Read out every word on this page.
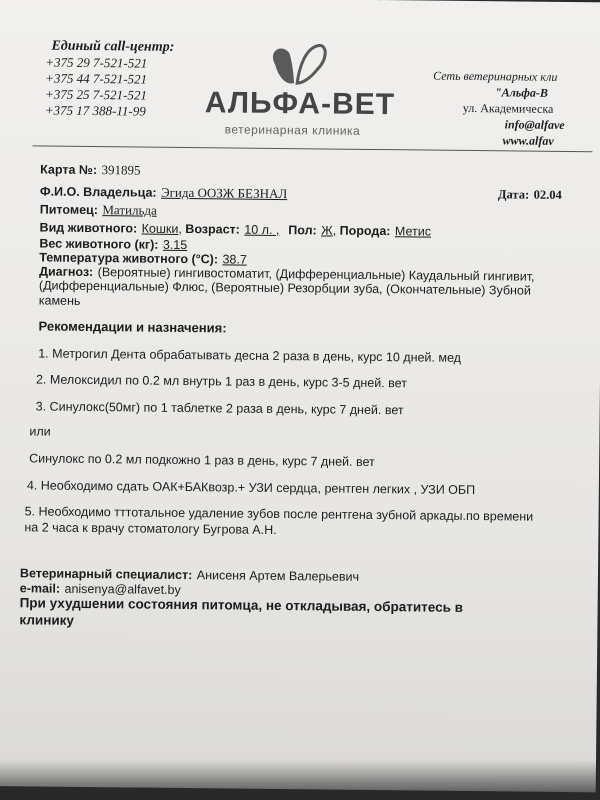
Единый call-центр:
+375 29 7-521-521
+375 44 7-521-521
+375 25 7-521-521
+375 17 388-11-99 АЛЬФА-ВЕТ
ветеринарная клиника
Сеть ветеринарных кли
"Альфа-В
ул. Академическа
info@alfave
www.alfav
Карта №: 391895
Дата: 02.04
Ф.И.О. Владельца: Эгида ООЗЖ БЕЗНАЛ
Питомец: Матильда
Вид животного: Кошки, Возраст: 10 л. , Пол: Ж, Порода: Метис
Вес животного (кг): 3.15
Температура животного (°C): 38.7
Диагноз: (Вероятные) гингивостоматит, (Дифференциальные) Каудальный гингивит,
(Дифференциальные) Флюс, (Вероятные) Резорбции зуба, (Окончательные) Зубной
камень
Рекомендации и назначения:
1. Метрогил Дента обрабатывать десна 2 раза в день, курс 10 дней. мед
2. Мелоксидил по 0.2 мл внутрь 1 раз в день, курс 3-5 дней. вет
3. Синулокс(50мг) по 1 таблетке 2 раза в день, курс 7 дней. вет
или
Синулокс по 0.2 мл подкожно 1 раз в день, курс 7 дней. вет
4. Необходимо сдать ОАК+БАКвозр.+ УЗИ сердца, рентген легких , УЗИ ОБП
5. Необходимо тттотальное удаление зубов после рентгена зубной аркады.по времени
на 2 часа к врачу стоматологу Бугрова А.Н.
Ветеринарный специалист: Анисеня Артем Валерьевич
e-mail: anisenya@alfavet.by
При ухудшении состояния питомца, не откладывая, обратитесь в
клинику
